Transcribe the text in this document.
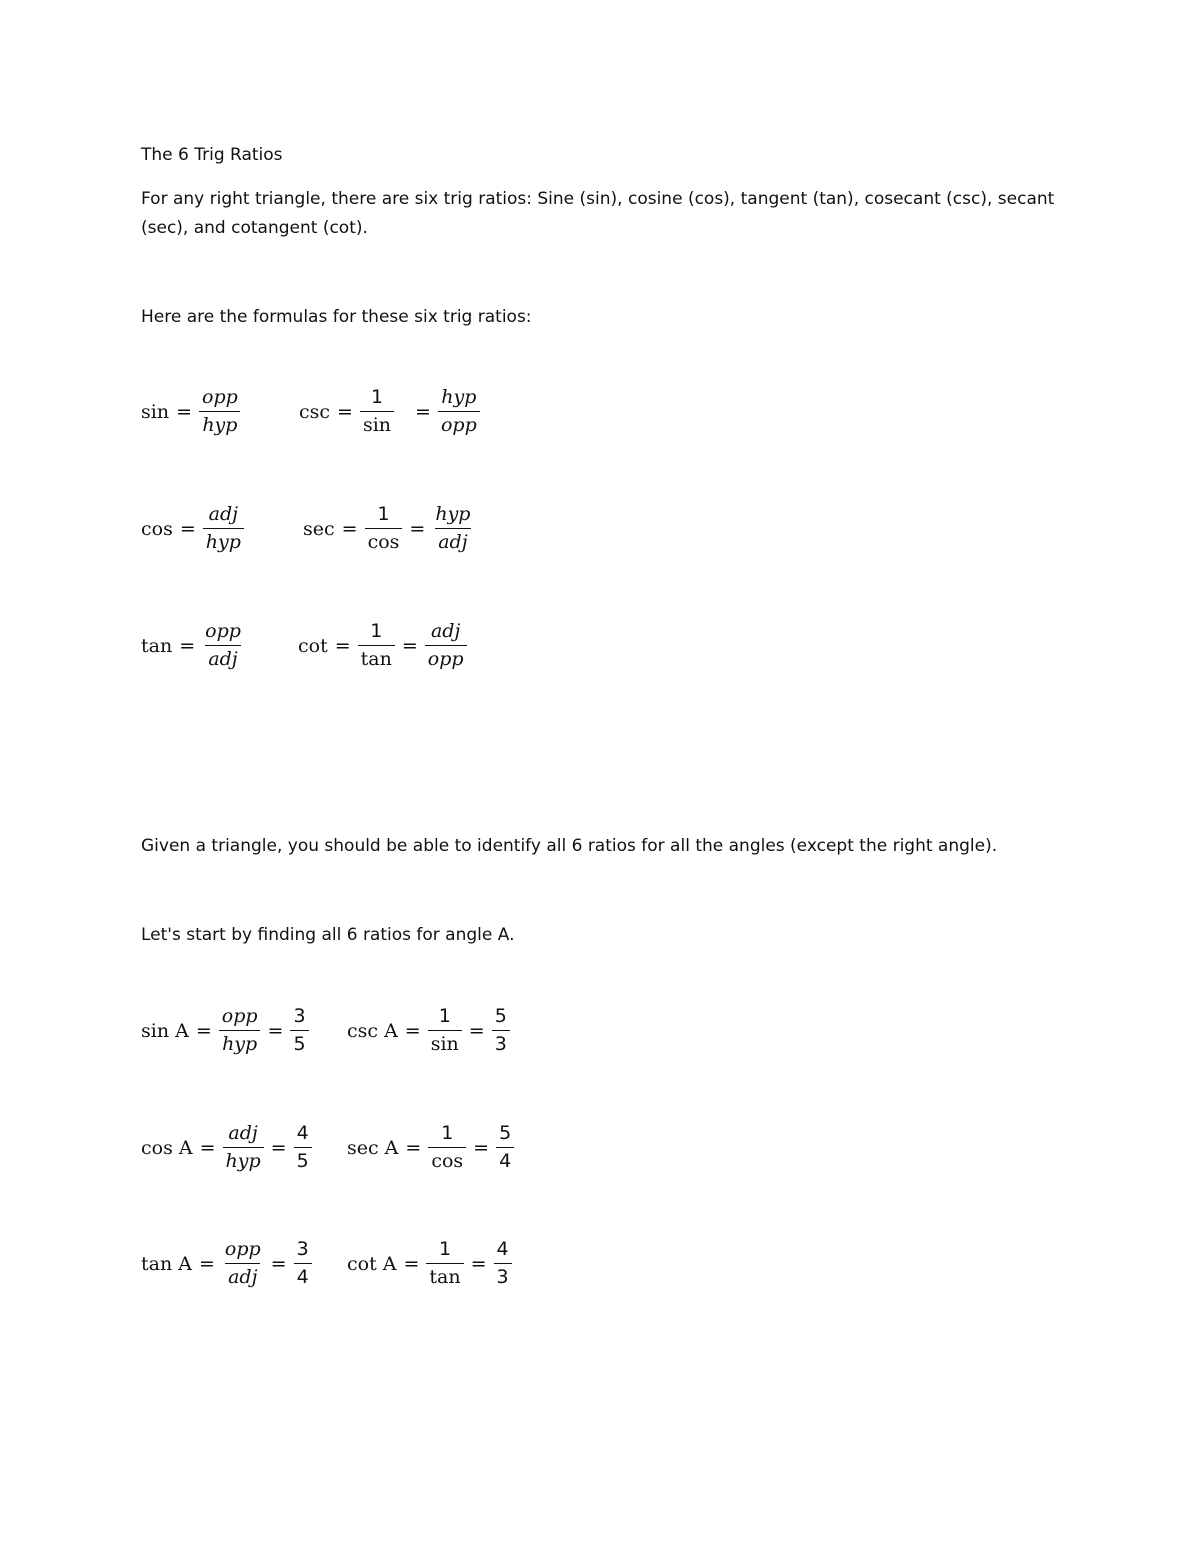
The 6 Trig Ratios

For any right triangle, there are six trig ratios: Sine (sin), cosine (cos), tangent (tan), cosecant (csc), secant (sec), and cotangent (cot).

Here are the formulas for these six trig ratios:
$\sin = \frac{\text{opp}}{\text{hyp}}$	$\csc = \frac{1}{\sin} = \frac{\text{hyp}}{\text{opp}}$
$\cos = \frac{\text{adj}}{\text{hyp}}$	$\sec = \frac{1}{\cos} = \frac{\text{hyp}}{\text{adj}}$
$\tan = \frac{\text{opp}}{\text{adj}}$	$\cot = \frac{1}{\tan} = \frac{\text{adj}}{\text{opp}}$
Given a triangle, you should be able to identify all 6 ratios for all the angles (except the right angle).
Let's start by finding all 6 ratios for angle A.
$\sin A = \frac{\text{opp}}{\text{hyp}} = \frac{3}{5}$ $\csc A = \frac{1}{\sin} = \frac{5}{3}$
$\cos A = \frac{\text{adj}}{\text{hyp}} = \frac{4}{5}$ $\sec A = \frac{1}{\cos} = \frac{5}{4}$
$\tan A = \frac{\text{opp}}{\text{adj}} = \frac{3}{4}$ $\cot A = \frac{1}{\tan} = \frac{4}{3}$
